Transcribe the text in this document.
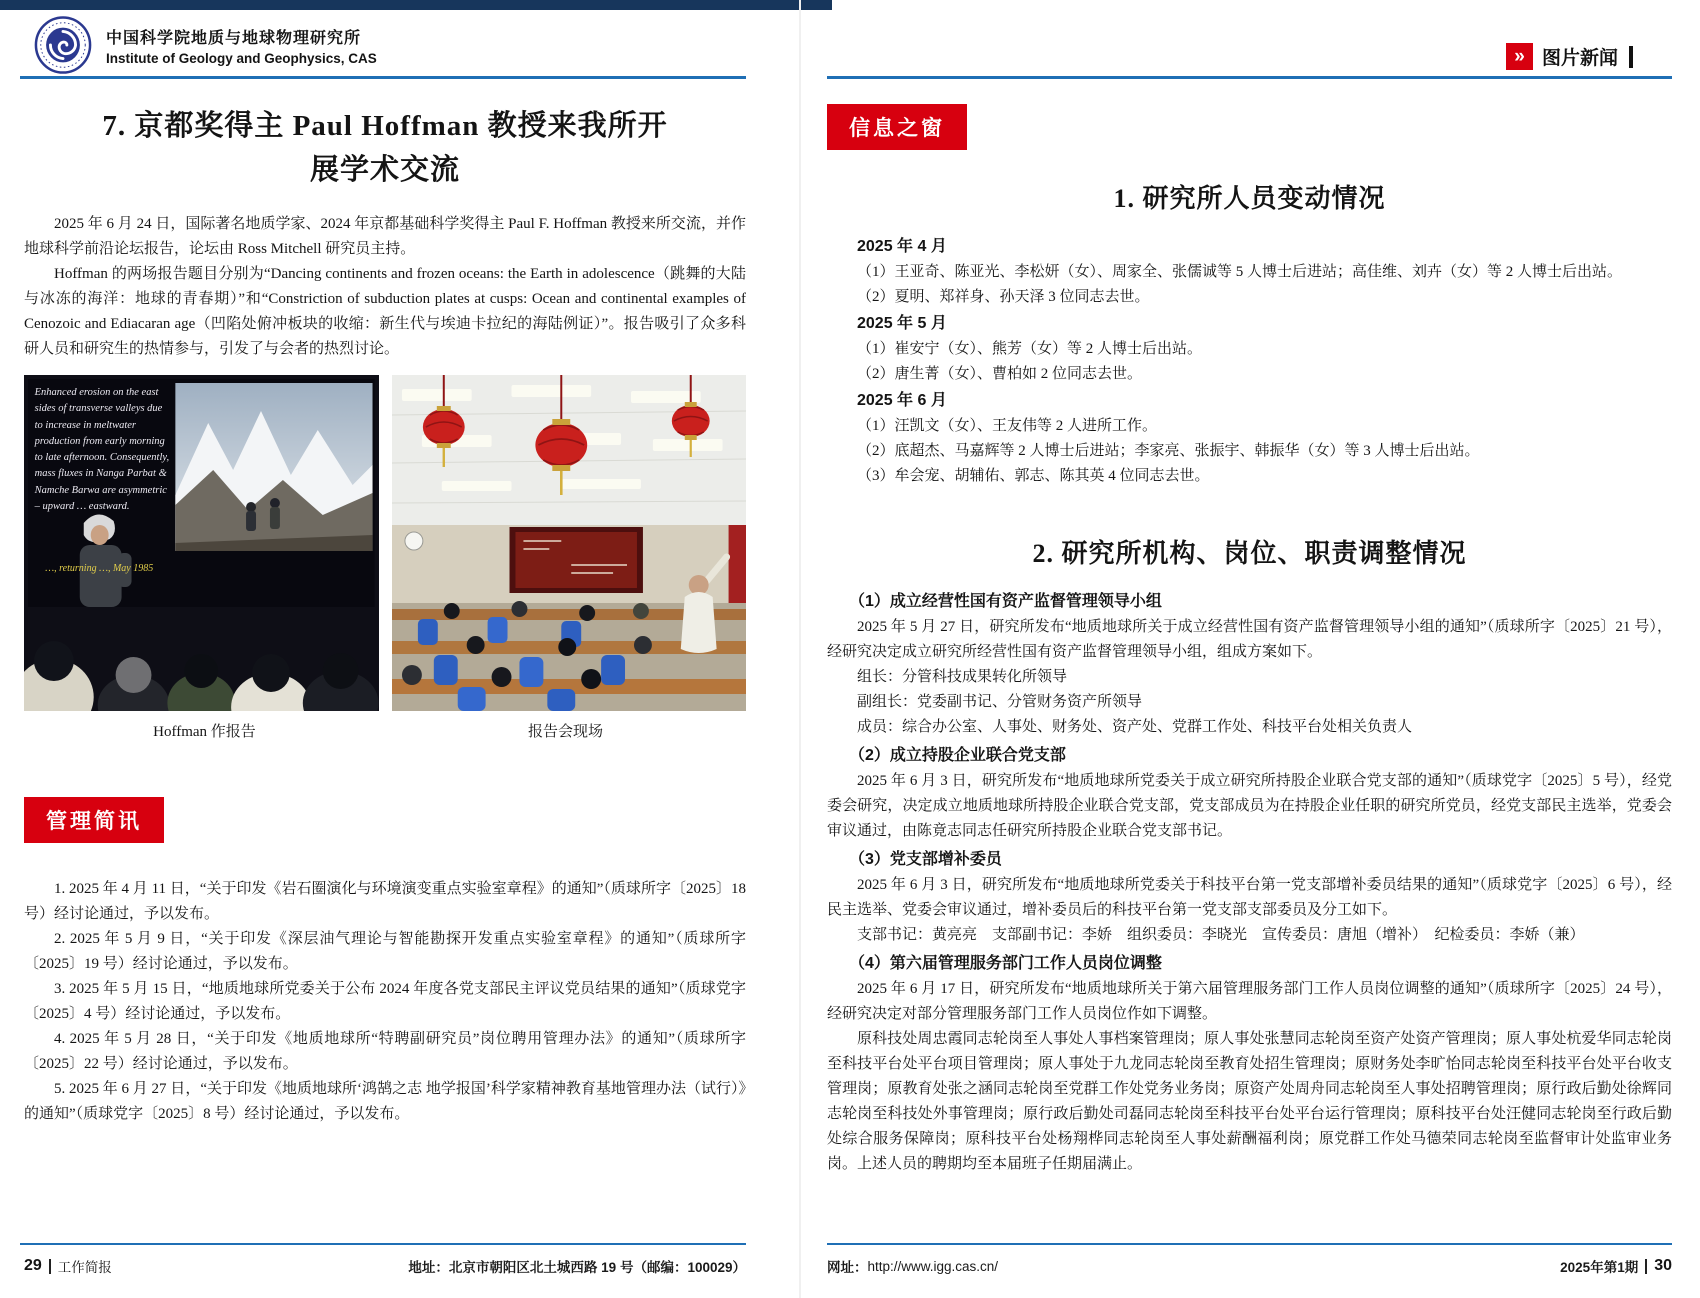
中国科学院地质与地球物理研究所
Institute of Geology and Geophysics, CAS	» 图片新闻
7. 京都奖得主 Paul Hoffman 教授来我所开
展学术交流

2025 年 6 月 24 日，国际著名地质学家、2024 年京都基础科学奖得主 Paul F. Hoffman 教授来所交流，并作地球科学前沿论坛报告，论坛由 Ross Mitchell 研究员主持。

Hoffman 的两场报告题目分别为“Dancing continents and frozen oceans: the Earth in adolescence（跳舞的大陆与冰冻的海洋：地球的青春期）”和“Constriction of subduction plates at cusps: Ocean and continental examples of Cenozoic and Ediacaran age（凹陷处俯冲板块的收缩：新生代与埃迪卡拉纪的海陆例证）”。报告吸引了众多科研人员和研究生的热情参与，引发了与会者的热烈讨论。

Enhanced erosion on the east sides of transverse valleys due to increase in meltwater production from early morning to late afternoon. Consequently, mass fluxes in Nanga Parbat & Namche Barwa are asymmetric – upward … eastward.
…, returning …, May 1985
Hoffman 作报告	报告会现场
管理简讯

1. 2025 年 4 月 11 日，“关于印发《岩石圈演化与环境演变重点实验室章程》的通知”（质球所字〔2025〕18 号）经讨论通过，予以发布。

2. 2025 年 5 月 9 日，“关于印发《深层油气理论与智能勘探开发重点实验室章程》的通知”（质球所字〔2025〕19 号）经讨论通过，予以发布。

3. 2025 年 5 月 15 日，“地质地球所党委关于公布 2024 年度各党支部民主评议党员结果的通知”（质球党字〔2025〕4 号）经讨论通过，予以发布。

4. 2025 年 5 月 28 日，“关于印发《地质地球所“特聘副研究员”岗位聘用管理办法》的通知”（质球所字〔2025〕22 号）经讨论通过，予以发布。

5. 2025 年 6 月 27 日，“关于印发《地质地球所‘鸿鹄之志 地学报国’科学家精神教育基地管理办法（试行）》的通知”（质球党字〔2025〕8 号）经讨论通过，予以发布。

信息之窗
1. 研究所人员变动情况
2025 年 4 月

（1）王亚奇、陈亚光、李松妍（女）、周家全、张儒诚等 5 人博士后进站；高佳维、刘卉（女）等 2 人博士后出站。

（2）夏明、郑祥身、孙天泽 3 位同志去世。

2025 年 5 月

（1）崔安宁（女）、熊芳（女）等 2 人博士后出站。

（2）唐生菁（女）、曹柏如 2 位同志去世。

2025 年 6 月

（1）汪凯文（女）、王友伟等 2 人进所工作。

（2）底超杰、马嘉辉等 2 人博士后进站；李家亮、张振宇、韩振华（女）等 3 人博士后出站。

（3）牟会宠、胡辅佑、郭志、陈其英 4 位同志去世。

2. 研究所机构、岗位、职责调整情况
（1）成立经营性国有资产监督管理领导小组

2025 年 5 月 27 日，研究所发布“地质地球所关于成立经营性国有资产监督管理领导小组的通知”（质球所字〔2025〕21 号），经研究决定成立研究所经营性国有资产监督管理领导小组，组成方案如下。

组长：分管科技成果转化所领导

副组长：党委副书记、分管财务资产所领导

成员：综合办公室、人事处、财务处、资产处、党群工作处、科技平台处相关负责人

（2）成立持股企业联合党支部

2025 年 6 月 3 日，研究所发布“地质地球所党委关于成立研究所持股企业联合党支部的通知”（质球党字〔2025〕5 号），经党委会研究，决定成立地质地球所持股企业联合党支部，党支部成员为在持股企业任职的研究所党员，经党支部民主选举，党委会审议通过，由陈竟志同志任研究所持股企业联合党支部书记。

（3）党支部增补委员

2025 年 6 月 3 日，研究所发布“地质地球所党委关于科技平台第一党支部增补委员结果的通知”（质球党字〔2025〕6 号），经民主选举、党委会审议通过，增补委员后的科技平台第一党支部支部委员及分工如下。

支部书记：黄亮亮　支部副书记：李娇　组织委员：李晓光　宣传委员：唐旭（增补）　纪检委员：李娇（兼）

（4）第六届管理服务部门工作人员岗位调整

2025 年 6 月 17 日，研究所发布“地质地球所关于第六届管理服务部门工作人员岗位调整的通知”（质球所字〔2025〕24 号），经研究决定对部分管理服务部门工作人员岗位作如下调整。

原科技处周忠霞同志轮岗至人事处人事档案管理岗；原人事处张慧同志轮岗至资产处资产管理岗；原人事处杭爱华同志轮岗至科技平台处平台项目管理岗；原人事处于九龙同志轮岗至教育处招生管理岗；原财务处李旷怡同志轮岗至科技平台处平台收支管理岗；原教育处张之涵同志轮岗至党群工作处党务业务岗；原资产处周舟同志轮岗至人事处招聘管理岗；原行政后勤处徐辉同志轮岗至科技处外事管理岗；原行政后勤处司磊同志轮岗至科技平台处平台运行管理岗；原科技平台处汪健同志轮岗至行政后勤处综合服务保障岗；原科技平台处杨翔桦同志轮岗至人事处薪酬福利岗；原党群工作处马德荣同志轮岗至监督审计处监审业务岗。上述人员的聘期均至本届班子任期届满止。

29 工作简报	地址：北京市朝阳区北土城西路 19 号（邮编：100029）	网址： http://www.igg.cas.cn/	2025年第1期 30
